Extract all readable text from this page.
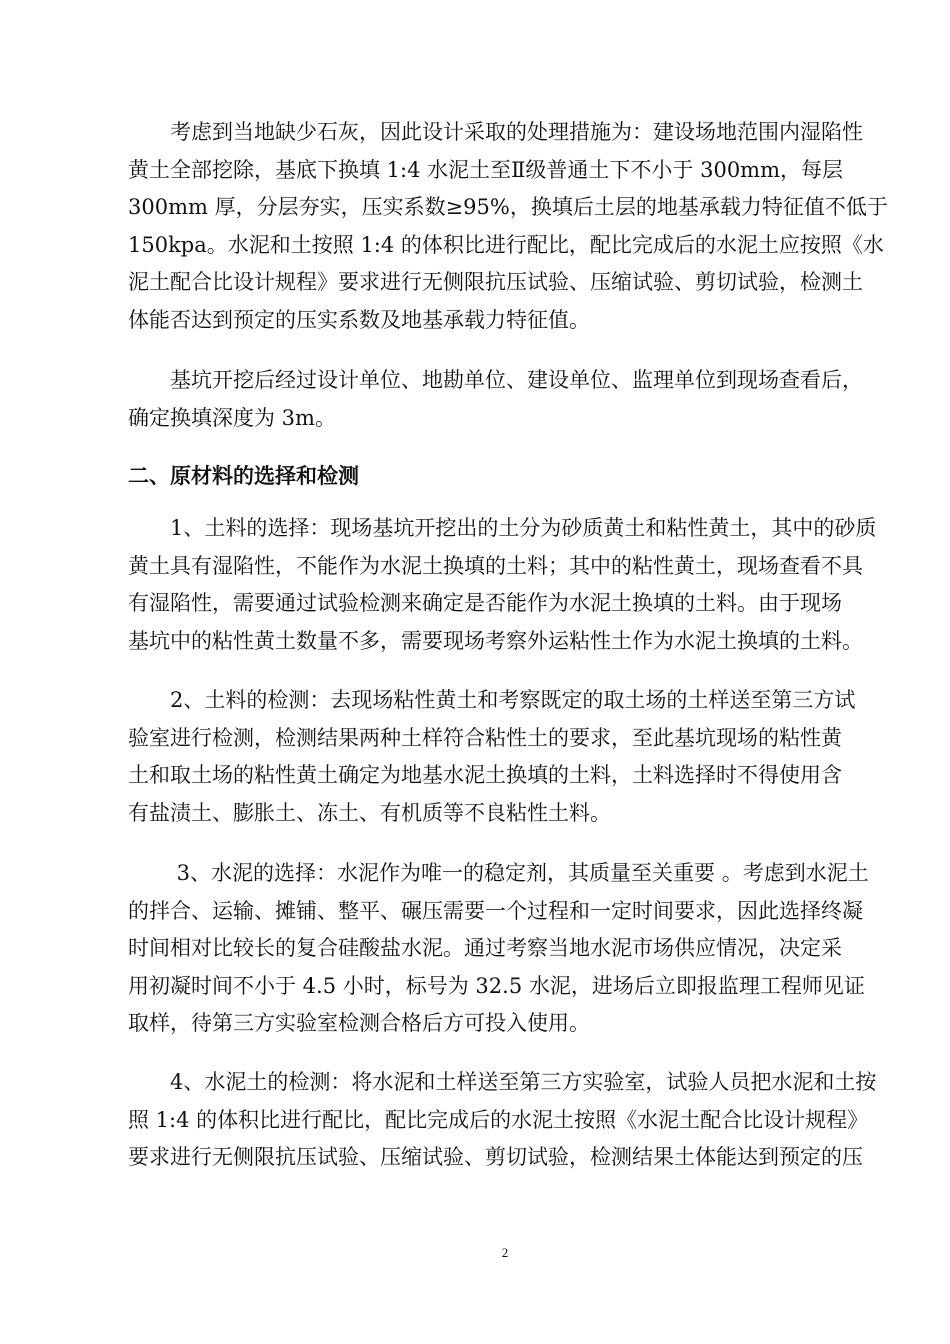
　　考虑到当地缺少石灰，因此设计采取的处理措施为：建设场地范围内湿陷性
黄土全部挖除，基底下换填 1:4 水泥土至Ⅱ级普通土下不小于 300mm，每层
300mm 厚，分层夯实，压实系数≥95%，换填后土层的地基承载力特征值不低于
150kpa。水泥和土按照 1:4 的体积比进行配比，配比完成后的水泥土应按照《水
泥土配合比设计规程》要求进行无侧限抗压试验、压缩试验、剪切试验，检测土
体能否达到预定的压实系数及地基承载力特征值。
　　基坑开挖后经过设计单位、地勘单位、建设单位、监理单位到现场查看后，
确定换填深度为 3m。
二、原材料的选择和检测
　　1、土料的选择：现场基坑开挖出的土分为砂质黄土和粘性黄土，其中的砂质
黄土具有湿陷性，不能作为水泥土换填的土料；其中的粘性黄土，现场查看不具
有湿陷性，需要通过试验检测来确定是否能作为水泥土换填的土料。由于现场
基坑中的粘性黄土数量不多，需要现场考察外运粘性土作为水泥土换填的土料。
　　2、土料的检测：去现场粘性黄土和考察既定的取土场的土样送至第三方试
验室进行检测，检测结果两种土样符合粘性土的要求，至此基坑现场的粘性黄
土和取土场的粘性黄土确定为地基水泥土换填的土料，土料选择时不得使用含
有盐渍土、膨胀土、冻土、有机质等不良粘性土料。
　　 3、水泥的选择：水泥作为唯一的稳定剂，其质量至关重要 。考虑到水泥土
的拌合、运输、摊铺、整平、碾压需要一个过程和一定时间要求，因此选择终凝
时间相对比较长的复合硅酸盐水泥。通过考察当地水泥市场供应情况，决定采
用初凝时间不小于 4.5 小时，标号为 32.5 水泥，进场后立即报监理工程师见证
取样，待第三方实验室检测合格后方可投入使用。
　　4、水泥土的检测：将水泥和土样送至第三方实验室，试验人员把水泥和土按
照 1:4 的体积比进行配比，配比完成后的水泥土按照《水泥土配合比设计规程》
要求进行无侧限抗压试验、压缩试验、剪切试验，检测结果土体能达到预定的压
2
